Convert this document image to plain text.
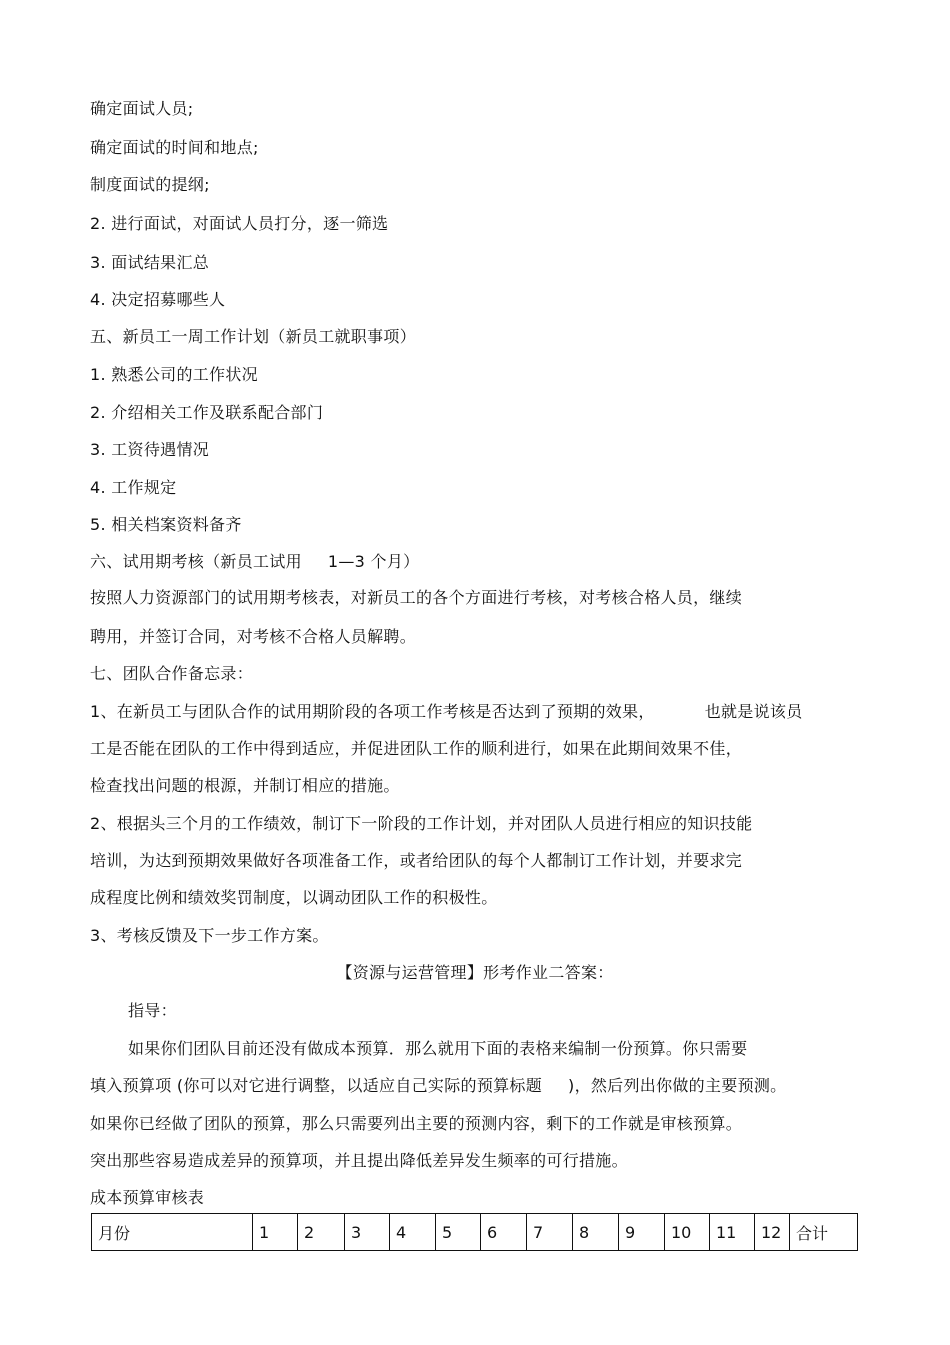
确定面试人员;
确定面试的时间和地点;
制度面试的提纲;
2. 进行面试，对面试人员打分，逐一筛选
3. 面试结果汇总
4. 决定招募哪些人
五、新员工一周工作计划（新员工就职事项）
1. 熟悉公司的工作状况
2. 介绍相关工作及联系配合部门
3. 工资待遇情况
4. 工作规定
5. 相关档案资料备齐
六、试用期考核（新员工试用 1—3 个月）
按照人力资源部门的试用期考核表，对新员工的各个方面进行考核，对考核合格人员，继续
聘用，并签订合同，对考核不合格人员解聘。
七、团队合作备忘录：
1、在新员工与团队合作的试用期阶段的各项工作考核是否达到了预期的效果，	也就是说该员
工是否能在团队的工作中得到适应，并促进团队工作的顺利进行，如果在此期间效果不佳，
检查找出问题的根源，并制订相应的措施。
2、根据头三个月的工作绩效，制订下一阶段的工作计划，并对团队人员进行相应的知识技能
培训，为达到预期效果做好各项准备工作，或者给团队的每个人都制订工作计划，并要求完
成程度比例和绩效奖罚制度，以调动团队工作的积极性。
3、考核反馈及下一步工作方案。
【资源与运营管理】形考作业二答案：
指导：
如果你们团队目前还没有做成本预算．那么就用下面的表格来编制一份预算。你只需要
填入预算项 (你可以对它进行调整，以适应自己实际的预算标题 )，然后列出你做的主要预测。
如果你已经做了团队的预算，那么只需要列出主要的预测内容，剩下的工作就是审核预算。
突出那些容易造成差异的预算项，并且提出降低差异发生频率的可行措施。
成本预算审核表
月份	1	2	3	4	5	6	7	8	9	10	11	12	合计
